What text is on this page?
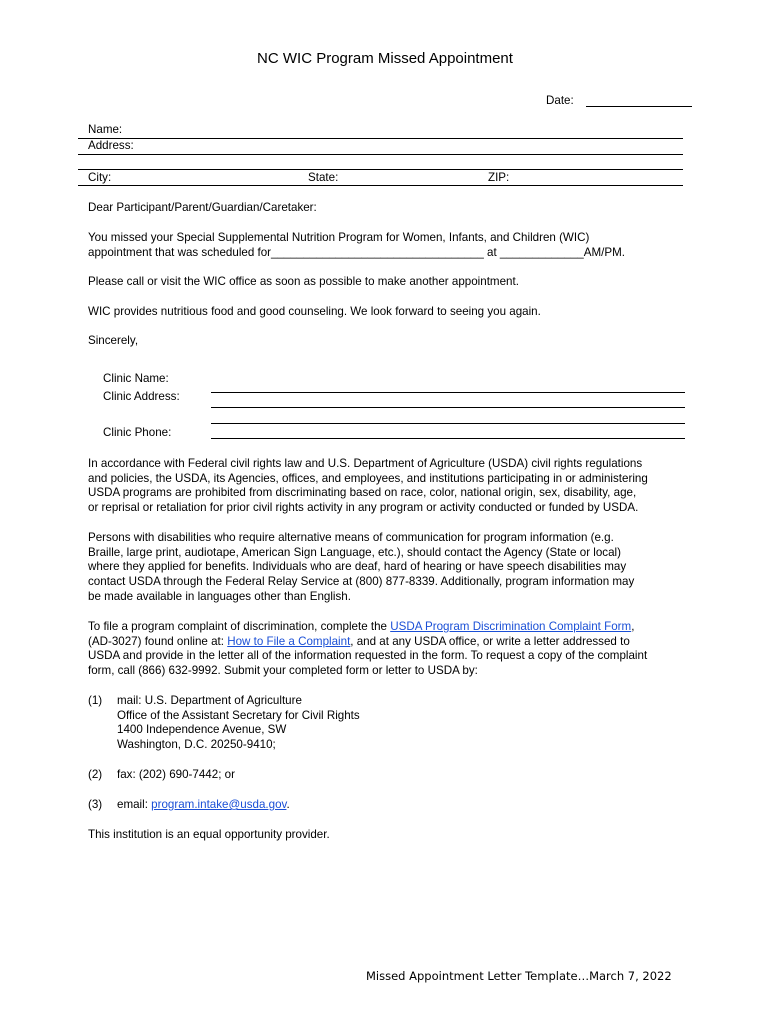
NC WIC Program Missed Appointment
Date:
Name:
Address:
City:	State:	ZIP:
Dear Participant/Parent/Guardian/Caretaker:

You missed your Special Supplemental Nutrition Program for Women, Infants, and Children (WIC)

appointment that was scheduled for_________________________________ at _____________AM/PM.

Please call or visit the WIC office as soon as possible to make another appointment.
WIC provides nutritious food and good counseling. We look forward to seeing you again.
Sincerely,
Clinic Name:
Clinic Address:
Clinic Phone:

In accordance with Federal civil rights law and U.S. Department of Agriculture (USDA) civil rights regulations

and policies, the USDA, its Agencies, offices, and employees, and institutions participating in or administering

USDA programs are prohibited from discriminating based on race, color, national origin, sex, disability, age,

or reprisal or retaliation for prior civil rights activity in any program or activity conducted or funded by USDA.

Persons with disabilities who require alternative means of communication for program information (e.g.

Braille, large print, audiotape, American Sign Language, etc.), should contact the Agency (State or local)

where they applied for benefits. Individuals who are deaf, hard of hearing or have speech disabilities may

contact USDA through the Federal Relay Service at (800) 877-8339. Additionally, program information may

be made available in languages other than English.

To file a program complaint of discrimination, complete the USDA Program Discrimination Complaint Form,

(AD-3027) found online at: How to File a Complaint, and at any USDA office, or write a letter addressed to

USDA and provide in the letter all of the information requested in the form. To request a copy of the complaint

form, call (866) 632-9992. Submit your completed form or letter to USDA by:

(1) mail: U.S. Department of Agriculture
Office of the Assistant Secretary for Civil Rights
1400 Independence Avenue, SW
Washington, D.C. 20250-9410;
(2) fax: (202) 690-7442; or
(3) email: program.intake@usda.gov.
This institution is an equal opportunity provider.
Missed Appointment Letter Template…March 7, 2022
